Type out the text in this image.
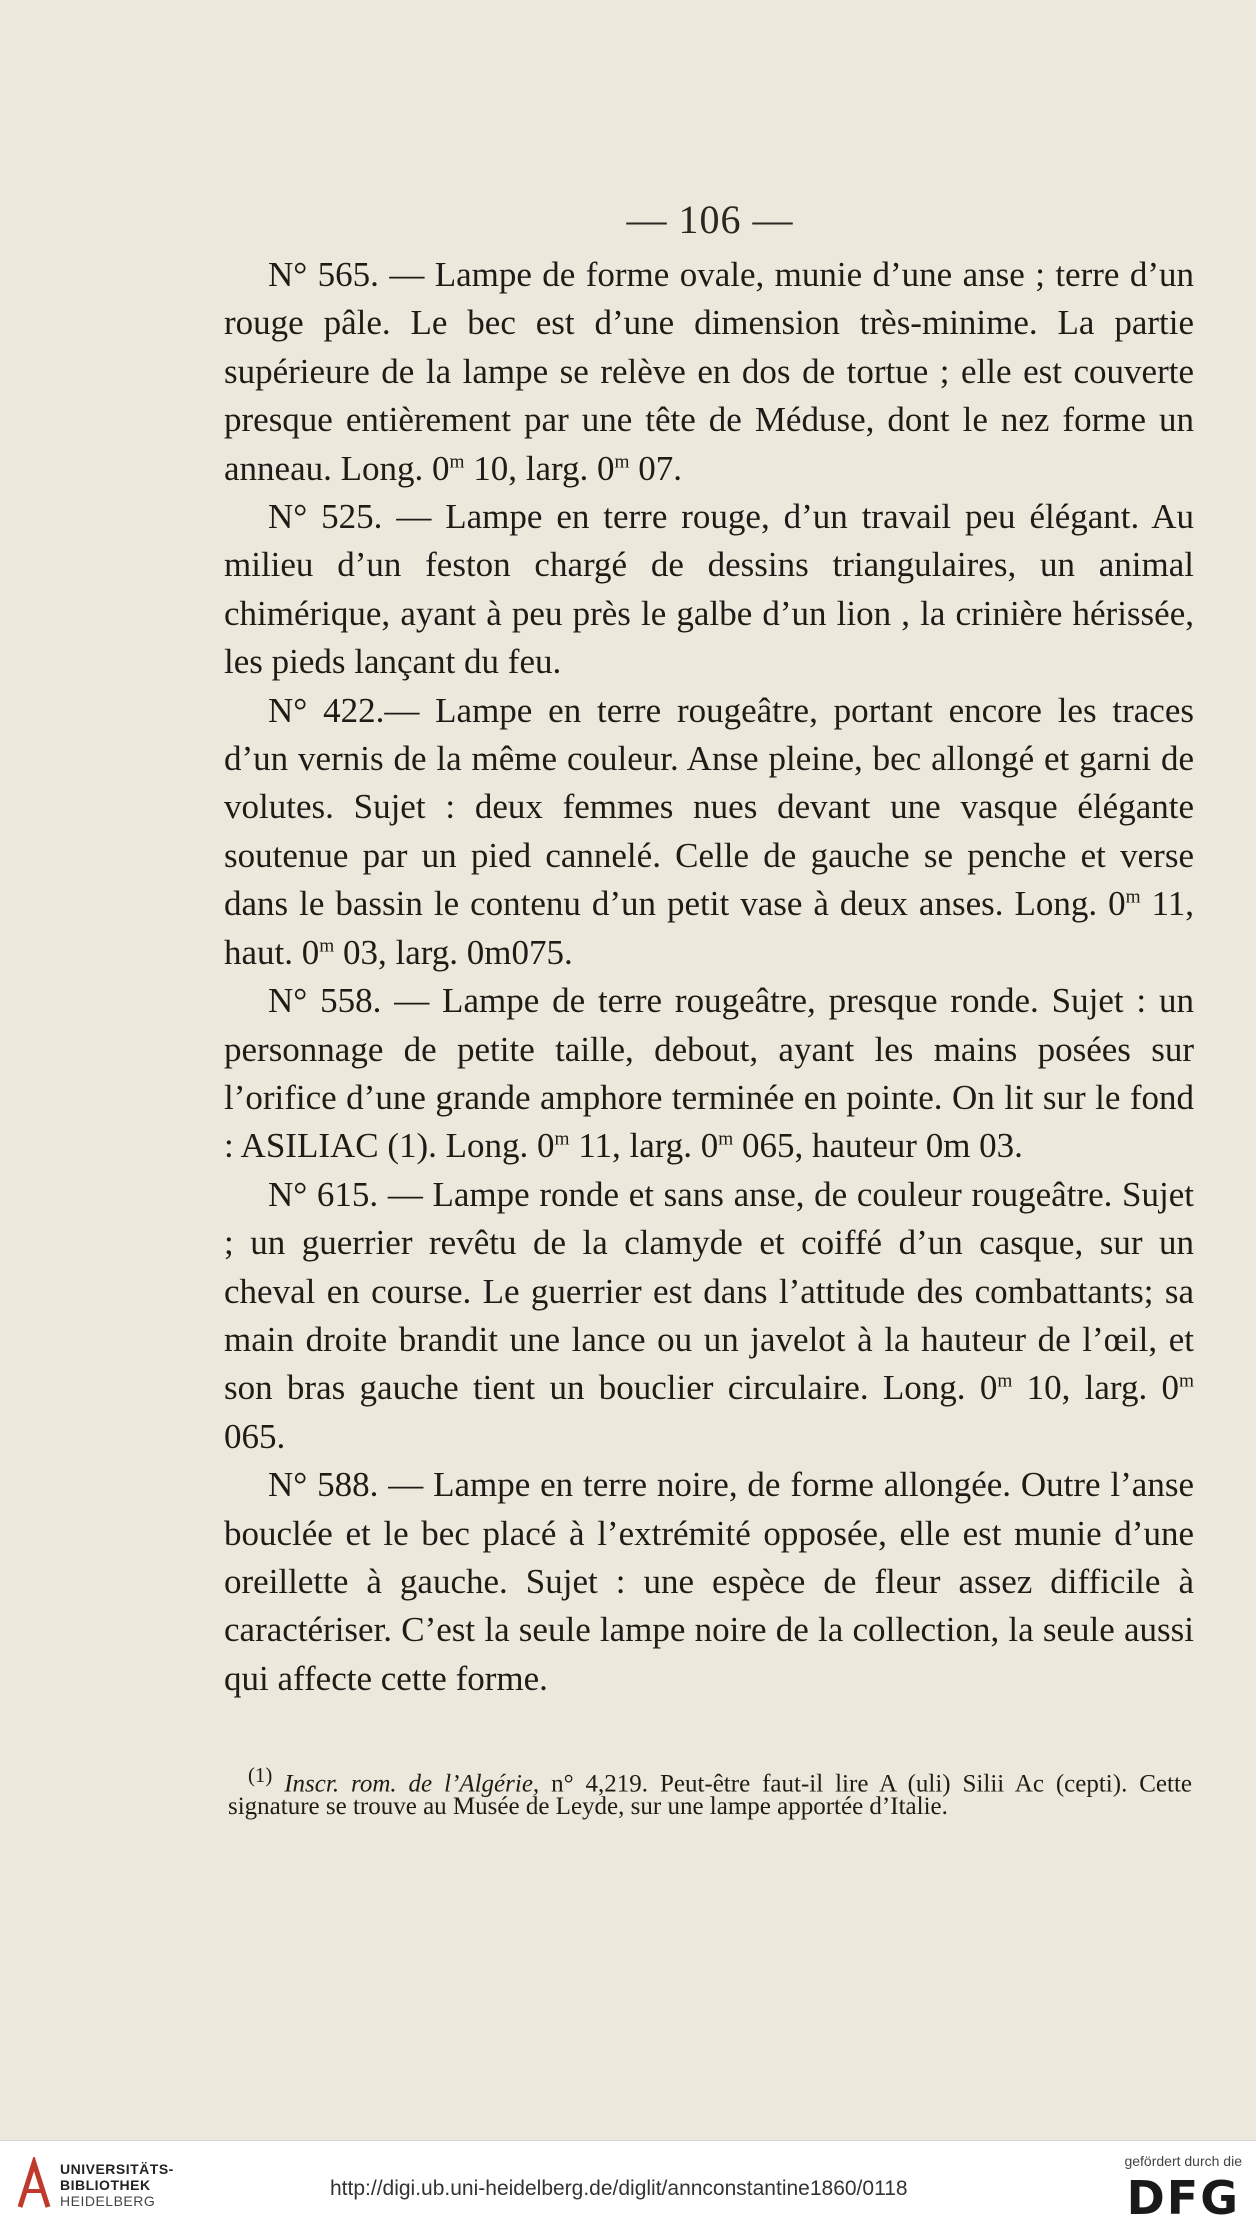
— 106 —

N° 565. — Lampe de forme ovale, munie d’une anse ; terre d’un rouge pâle. Le bec est d’une dimension très-minime. La partie supérieure de la lampe se relève en dos de tortue ; elle est couverte presque entièrement par une tête de Méduse, dont le nez forme un anneau. Long. 0$^m$ 10, larg. 0$^m$ 07.

N° 525. — Lampe en terre rouge, d’un travail peu élégant. Au milieu d’un feston chargé de dessins triangulaires, un animal chimérique, ayant à peu près le galbe d’un lion , la crinière hérissée, les pieds lançant du feu.

N° 422.— Lampe en terre rougeâtre, portant encore les traces d’un vernis de la même couleur. Anse pleine, bec allongé et garni de volutes. Sujet : deux femmes nues devant une vasque élégante soutenue par un pied cannelé. Celle de gauche se penche et verse dans le bassin le contenu d’un petit vase à deux anses. Long. 0$^m$ 11, haut. 0$^m$ 03, larg. 0m075.

N° 558. — Lampe de terre rougeâtre, presque ronde. Sujet : un personnage de petite taille, debout, ayant les mains posées sur l’orifice d’une grande amphore terminée en pointe. On lit sur le fond : ASILIAC (1). Long. 0$^m$ 11, larg. 0$^m$ 065, hauteur 0m 03.

N° 615. — Lampe ronde et sans anse, de couleur rougeâtre. Sujet ; un guerrier revêtu de la clamyde et coiffé d’un casque, sur un cheval en course. Le guerrier est dans l’attitude des combattants; sa main droite brandit une lance ou un javelot à la hauteur de l’œil, et son bras gauche tient un bouclier circulaire. Long. 0$^m$ 10, larg. 0$^m$ 065.

N° 588. — Lampe en terre noire, de forme allongée. Outre l’anse bouclée et le bec placé à l’extrémité opposée, elle est munie d’une oreillette à gauche. Sujet : une espèce de fleur assez difficile à caractériser. C’est la seule lampe noire de la collection, la seule aussi qui affecte cette forme.

$^{(1)}$ Inscr. rom. de l’Algérie, n° 4,219. Peut-être faut-il lire A (uli) Silii Ac (cepti). Cette signature se trouve au Musée de Leyde, sur une lampe apportée d’Italie.

UNIVERSITÄTS-
BIBLIOTHEK
HEIDELBERG
http://digi.ub.uni-heidelberg.de/diglit/annconstantine1860/0118
gefördert durch die
DFG
